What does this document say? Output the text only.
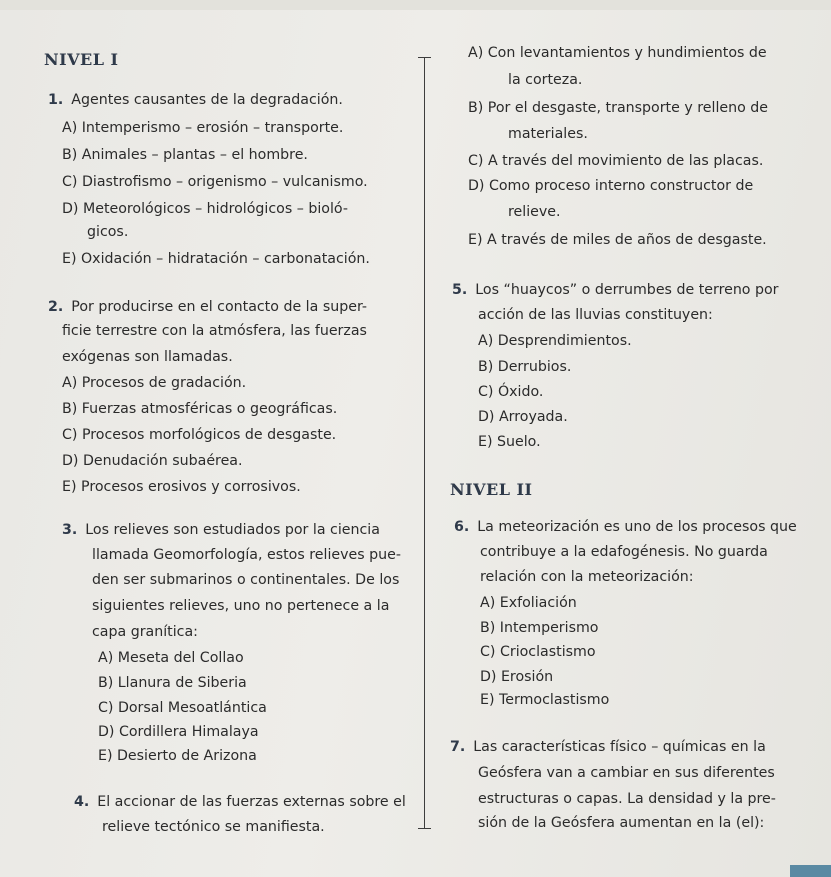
NIVEL I
1. Agentes causantes de la degradación.
A) Intemperismo – erosión – transporte.
B) Animales – plantas – el hombre.
C) Diastrofismo – origenismo – vulcanismo.
D) Meteorológicos – hidrológicos – bioló-
gicos.
E) Oxidación – hidratación – carbonatación.
2. Por producirse en el contacto de la super-
ficie terrestre con la atmósfera, las fuerzas
exógenas son llamadas.
A) Procesos de gradación.
B) Fuerzas atmosféricas o geográficas.
C) Procesos morfológicos de desgaste.
D) Denudación subaérea.
E) Procesos erosivos y corrosivos.
3. Los relieves son estudiados por la ciencia
llamada Geomorfología, estos relieves pue-
den ser submarinos o continentales. De los
siguientes relieves, uno no pertenece a la
capa granítica:
A) Meseta del Collao
B) Llanura de Siberia
C) Dorsal Mesoatlántica
D) Cordillera Himalaya
E) Desierto de Arizona
4. El accionar de las fuerzas externas sobre el
relieve tectónico se manifiesta.
A) Con levantamientos y hundimientos de
la corteza.
B) Por el desgaste, transporte y relleno de
materiales.
C) A través del movimiento de las placas.
D) Como proceso interno constructor de
relieve.
E) A través de miles de años de desgaste.
5. Los “huaycos” o derrumbes de terreno por
acción de las lluvias constituyen:
A) Desprendimientos.
B) Derrubios.
C) Óxido.
D) Arroyada.
E) Suelo.
NIVEL II
6. La meteorización es uno de los procesos que
contribuye a la edafogénesis. No guarda
relación con la meteorización:
A) Exfoliación
B) Intemperismo
C) Crioclastismo
D) Erosión
E) Termoclastismo
7. Las características físico – químicas en la
Geósfera van a cambiar en sus diferentes
estructuras o capas. La densidad y la pre-
sión de la Geósfera aumentan en la (el):
